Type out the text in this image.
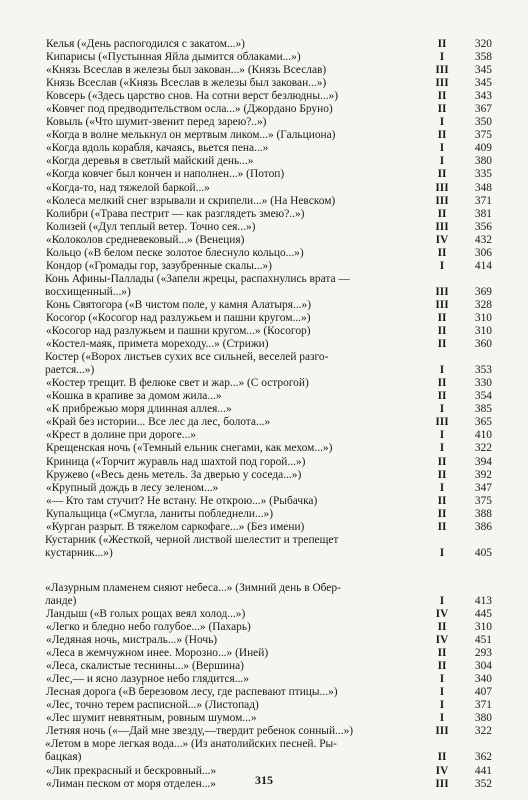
Келья («День распогодился с закатом...»)	II	320
Кипарисы («Пустынная Яйла дымится облаками...»)	I	358
«Князь Всеслав в железы был закован...» (Князь Всеслав)	III	345
Князь Всеслав («Князь Всеслав в железы был закован...»)	III	345
Ковсерь («Здесь царство снов. На сотни верст безлюдны...»)	II	343
«Ковчег под предводительством осла...» (Джордано Бруно)	II	367
Ковыль («Что шумит-звенит перед зарею?..»)	I	350
«Когда в волне мелькнул он мертвым ликом...» (Гальциона)	II	375
«Когда вдоль корабля, качаясь, вьется пена...»	I	409
«Когда деревья в светлый майский день...»	I	380
«Когда ковчег был кончен и наполнен...» (Потоп)	II	335
«Когда-то, над тяжелой баркой...»	III	348
«Колеса мелкий снег взрывали и скрипели...» (На Невском)	III	371
Колибри («Трава пестрит — как разглядеть змею?..»)	II	381
Колизей («Дул теплый ветер. Точно сея...»)	III	356
«Колоколов средневековый...» (Венеция)	IV	432
Кольцо («В белом песке золотое блеснуло кольцо...»)	II	306
Кондор («Громады гор, зазубренные скалы...»)	I	414
Конь Афины-Паллады («Запели жрецы, распахнулись врата —
восхищенный...»)	III	369
Конь Святогора («В чистом поле, у камня Алатыря...»)	III	328
Косогор («Косогор над разлужьем и пашни кругом...»)	II	310
«Косогор над разлужьем и пашни кругом...» (Косогор)	II	310
«Костел-маяк, примета мореходу...» (Стрижи)	II	360
Костер («Ворох листьев сухих все сильней, веселей разго-
рается...»)	I	353
«Костер трещит. В фелюке свет и жар...» (С острогой)	II	330
«Кошка в крапиве за домом жила...»	II	354
«К прибрежью моря длинная аллея...»	I	385
«Край без истории... Все лес да лес, болота...»	III	365
«Крест в долине при дороге...»	I	410
Крещенская ночь («Темный ельник снегами, как мехом...»)	I	322
Криница («Торчит журавль над шахтой под горой...»)	II	394
Кружево («Весь день метель. За дверью у соседа...»)	II	392
«Крупный дождь в лесу зеленом...»	I	347
«— Кто там стучит? Не встану. Не открою...» (Рыбачка)	II	375
Купальщица («Смугла, ланиты побледнели...»)	II	388
«Курган разрыт. В тяжелом саркофаге...» (Без имени)	II	386
Кустарник («Жесткой, черной листвой шелестит и трепещет
кустарник...»)	I	405
«Лазурным пламенем сияют небеса...» (Зимний день в Обер-
ланде)	I	413
Ландыш («В голых рощах веял холод...»)	IV	445
«Легко и бледно небо голубое...» (Пахарь)	II	310
«Ледяная ночь, мистраль...» (Ночь)	IV	451
«Леса в жемчужном инее. Морозно...» (Иней)	II	293
«Леса, скалистые теснины...» (Вершина)	II	304
«Лес,— и ясно лазурное небо глядится...»	I	340
Лесная дорога («В березовом лесу, где распевают птицы...»)	I	407
«Лес, точно терем расписной...» (Листопад)	I	371
«Лес шумит невнятным, ровным шумом...»	I	380
Летняя ночь («—Дай мне звезду,—твердит ребенок сонный...»)	III	322
«Летом в море легкая вода...» (Из анатолийских песней. Ры-
бацкая)	II	362
«Лик прекрасный и бескровный...»	IV	441
«Лиман песком от моря отделен...»	III	352
315
